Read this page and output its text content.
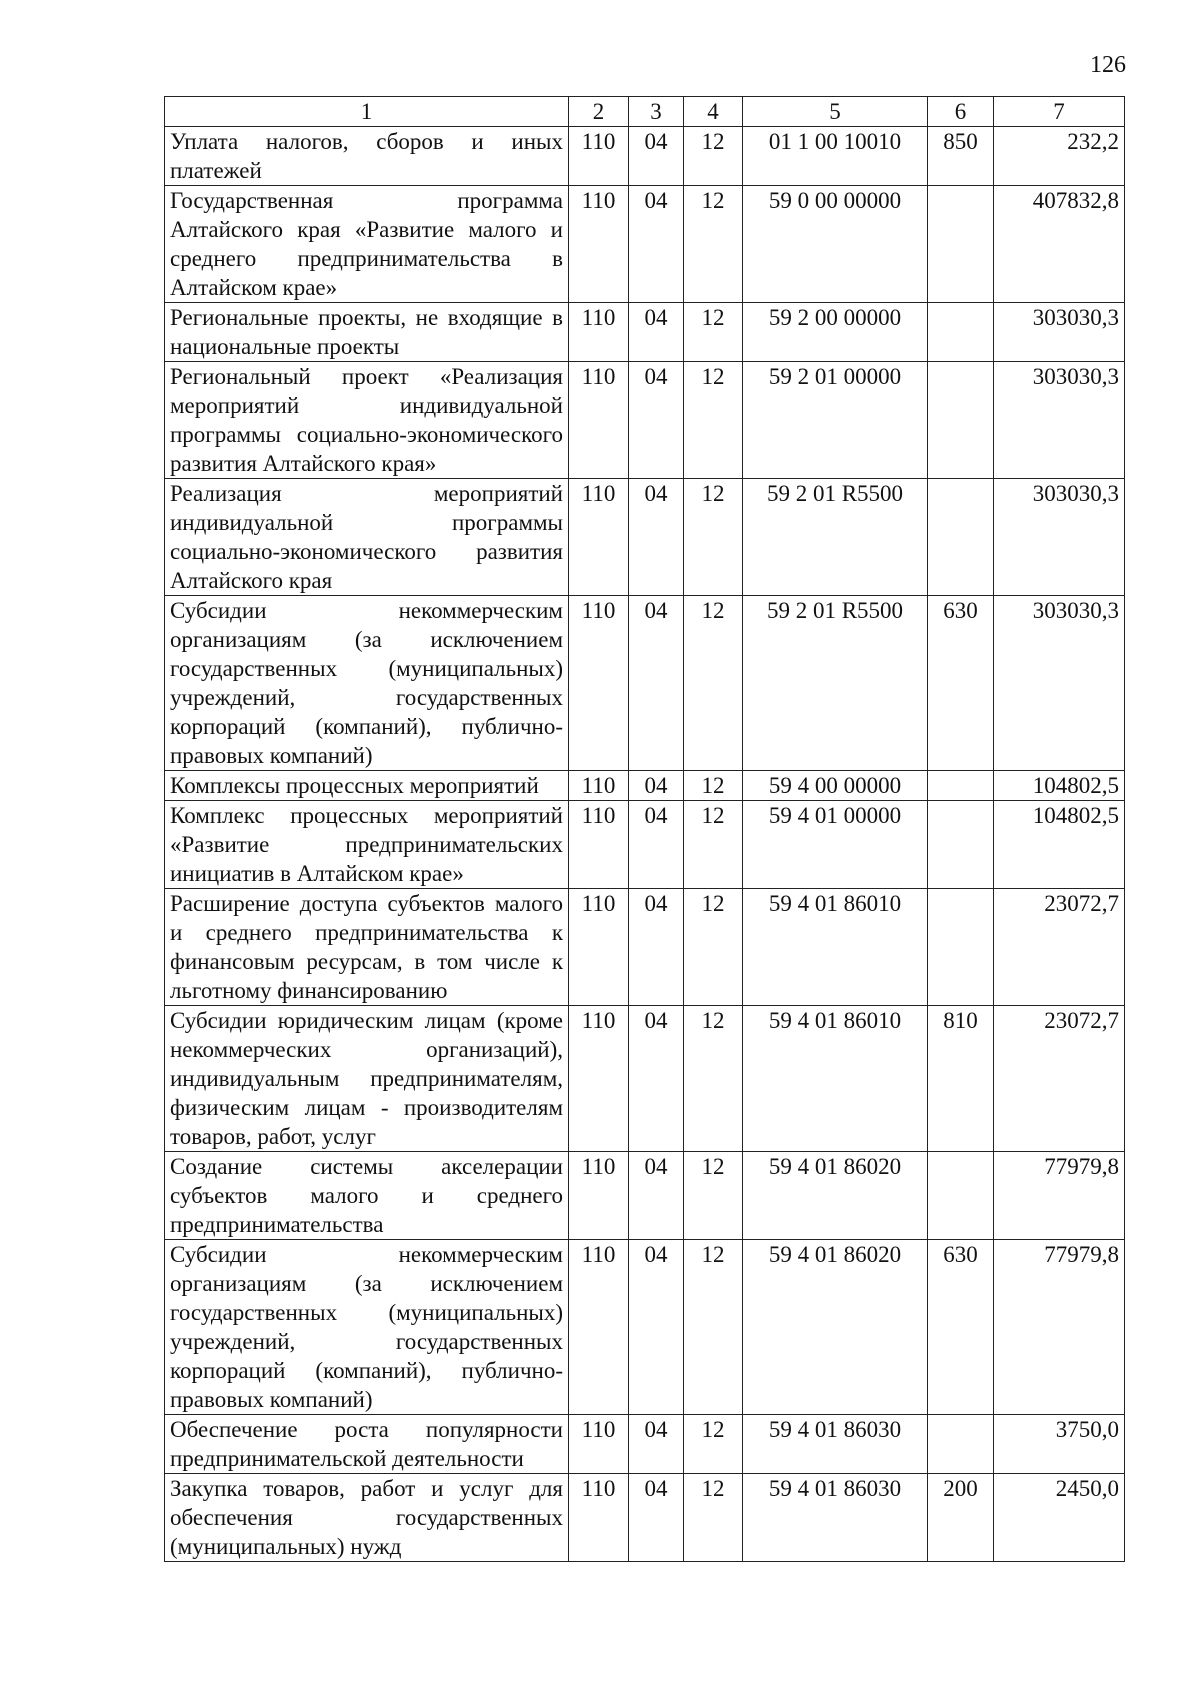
126
1	2	3	4	5	6	7
Уплата налогов, сборов и иных платежей	110	04	12	01 1 00 10010	850	232,2
Государственная программа Алтайского края «Развитие малого и среднего предпринимательства в Алтайском крае»	110	04	12	59 0 00 00000		407832,8
Региональные проекты, не входящие в национальные проекты	110	04	12	59 2 00 00000		303030,3
Региональный проект «Реализация мероприятий индивидуальной программы социально-экономического развития Алтайского края»	110	04	12	59 2 01 00000		303030,3
Реализация мероприятий индивидуальной программы социально-экономического развития Алтайского края	110	04	12	59 2 01 R5500		303030,3
Субсидии некоммерческим организациям (за исключением государственных (муниципальных) учреждений, государственных корпораций (компаний), публично-правовых компаний)	110	04	12	59 2 01 R5500	630	303030,3
Комплексы процессных мероприятий	110	04	12	59 4 00 00000		104802,5
Комплекс процессных мероприятий «Развитие предпринимательских инициатив в Алтайском крае»	110	04	12	59 4 01 00000		104802,5
Расширение доступа субъектов малого и среднего предпринимательства к финансовым ресурсам, в том числе к льготному финансированию	110	04	12	59 4 01 86010		23072,7
Субсидии юридическим лицам (кроме некоммерческих организаций), индивидуальным предпринимателям, физическим лицам - производителям товаров, работ, услуг	110	04	12	59 4 01 86010	810	23072,7
Создание системы акселерации субъектов малого и среднего предпринимательства	110	04	12	59 4 01 86020		77979,8
Субсидии некоммерческим организациям (за исключением государственных (муниципальных) учреждений, государственных корпораций (компаний), публично-правовых компаний)	110	04	12	59 4 01 86020	630	77979,8
Обеспечение роста популярности предпринимательской деятельности	110	04	12	59 4 01 86030		3750,0
Закупка товаров, работ и услуг для обеспечения государственных (муниципальных) нужд	110	04	12	59 4 01 86030	200	2450,0
